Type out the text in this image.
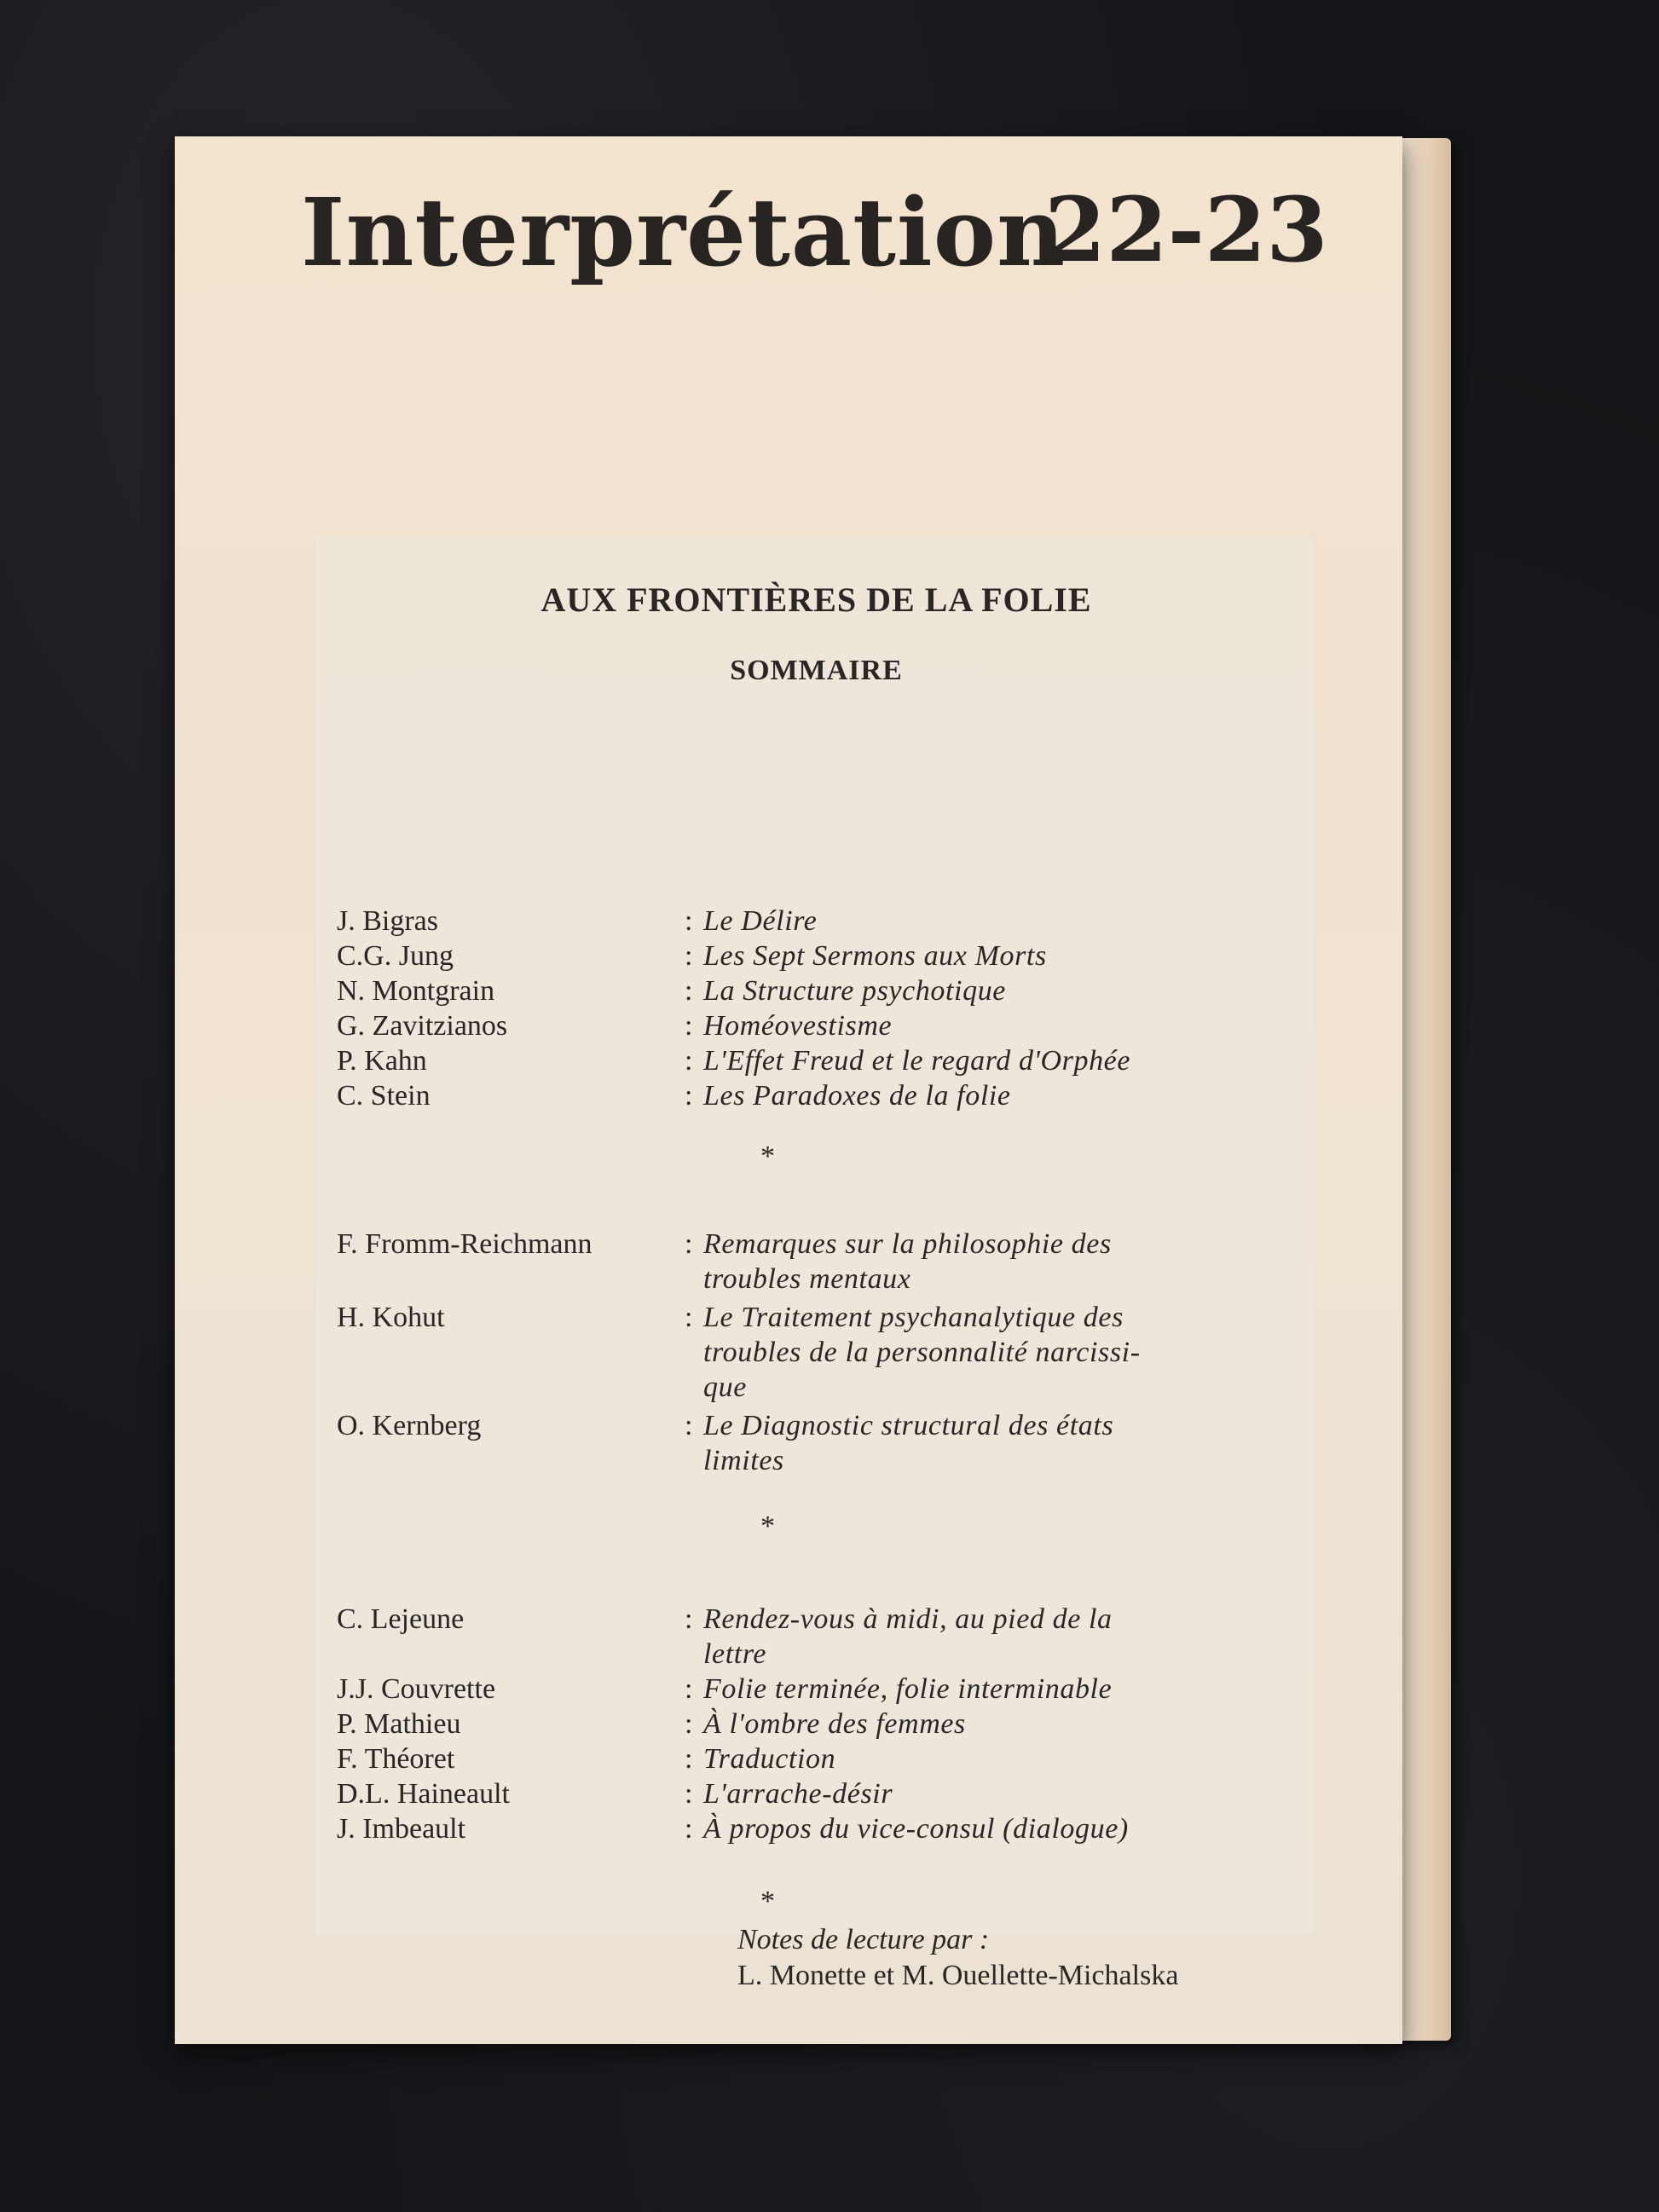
Interprétation
22-23
AUX FRONTIÈRES DE LA FOLIE
SOMMAIRE
J. Bigras	: Le Délire
C.G. Jung	: Les Sept Sermons aux Morts
N. Montgrain	: La Structure psychotique
G. Zavitzianos	: Homéovestisme
P. Kahn	: L'Effet Freud et le regard d'Orphée
C. Stein	: Les Paradoxes de la folie
*
F. Fromm-Reichmann	: Remarques sur la philosophie des troubles mentaux
H. Kohut	: Le Traitement psychanalytique des troubles de la personnalité narcissi-que
O. Kernberg	: Le Diagnostic structural des états limites
*
C. Lejeune	: Rendez-vous à midi, au pied de la lettre
J.J. Couvrette	: Folie terminée, folie interminable
P. Mathieu	: À l'ombre des femmes
F. Théoret	: Traduction
D.L. Haineault	: L'arrache-désir
J. Imbeault	: À propos du vice-consul (dialogue)
*
Notes de lecture par :
L. Monette et M. Ouellette-Michalska
